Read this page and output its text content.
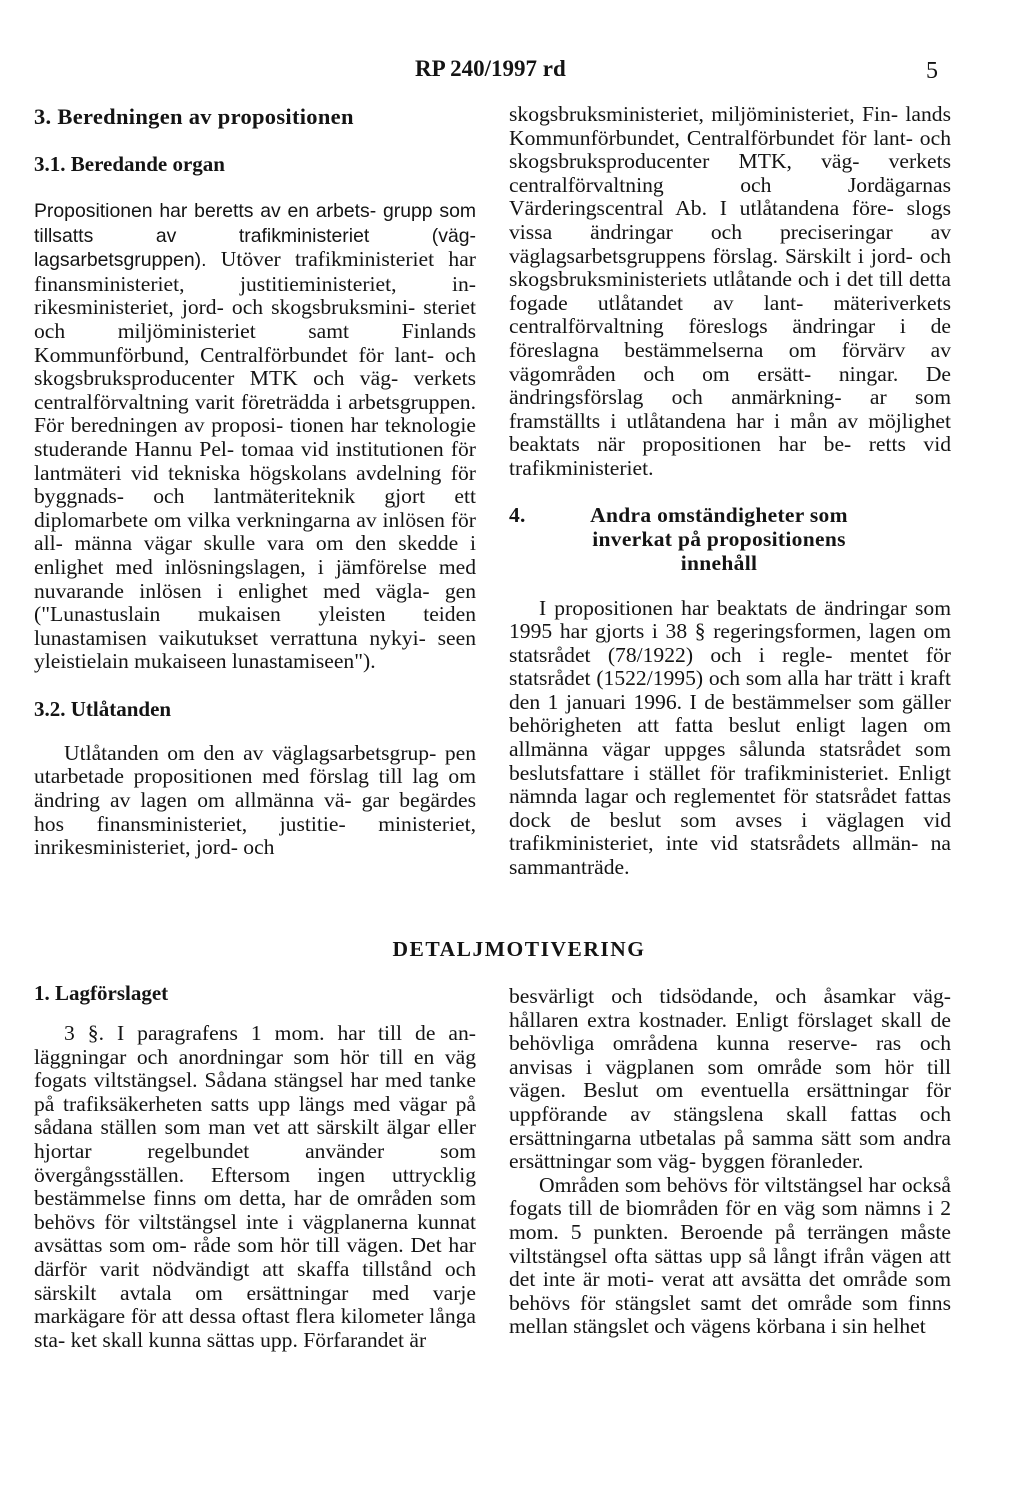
RP 240/1997 rd	5
3. Beredningen av propositionen
3.1. Beredande organ

Propositionen har beretts av en arbets- grupp som tillsatts av trafikministeriet (väg- lagsarbetsgruppen). Utöver trafikministeriet har finansministeriet, justitieministeriet, in- rikesministeriet, jord- och skogsbruksmini- steriet och miljöministeriet samt Finlands Kommunförbund, Centralförbundet för lant- och skogsbruksproducenter MTK och väg- verkets centralförvaltning varit företrädda i arbetsgruppen. För beredningen av proposi- tionen har teknologie studerande Hannu Pel- tomaa vid institutionen för lantmäteri vid tekniska högskolans avdelning för byggnads- och lantmäteriteknik gjort ett diplomarbete om vilka verkningarna av inlösen för all- männa vägar skulle vara om den skedde i enlighet med inlösningslagen, i jämförelse med nuvarande inlösen i enlighet med vägla- gen ("Lunastuslain mukaisen yleisten teiden lunastamisen vaikutukset verrattuna nykyi- seen yleistielain mukaiseen lunastamiseen").

3.2. Utlåtanden

Utlåtanden om den av väglagsarbetsgrup- pen utarbetade propositionen med förslag till lag om ändring av lagen om allmänna vä- gar begärdes hos finansministeriet, justitie- ministeriet, inrikesministeriet, jord- och

skogsbruksministeriet, miljöministeriet, Fin- lands Kommunförbundet, Centralförbundet för lant- och skogsbruksproducenter MTK, väg- verkets centralförvaltning och Jordägarnas Värderingscentral Ab. I utlåtandena före- slogs vissa ändringar och preciseringar av väglagsarbetsgruppens förslag. Särskilt i jord- och skogsbruksministeriets utlåtande och i det till detta fogade utlåtandet av lant- mäteriverkets centralförvaltning föreslogs ändringar i de föreslagna bestämmelserna om förvärv av vägområden och om ersätt- ningar. De ändringsförslag och anmärkning- ar som framställts i utlåtandena har i mån av möjlighet beaktats när propositionen har be- retts vid trafikministeriet.

4.	Andra omständigheter som inverkat på propositionens innehåll

I propositionen har beaktats de ändringar som 1995 har gjorts i 38 § regeringsformen, lagen om statsrådet (78/1922) och i regle- mentet för statsrådet (1522/1995) och som alla har trätt i kraft den 1 januari 1996. I de bestämmelser som gäller behörigheten att fatta beslut enligt lagen om allmänna vägar uppges sålunda statsrådet som beslutsfattare i stället för trafikministeriet. Enligt nämnda lagar och reglementet för statsrådet fattas dock de beslut som avses i väglagen vid trafikministeriet, inte vid statsrådets allmän- na sammanträde.

DETALJMOTIVERING
1. Lagförslaget

3 §. I paragrafens 1 mom. har till de an- läggningar och anordningar som hör till en väg fogats viltstängsel. Sådana stängsel har med tanke på trafiksäkerheten satts upp längs med vägar på sådana ställen som man vet att särskilt älgar eller hjortar regelbundet använder som övergångsställen. Eftersom ingen uttrycklig bestämmelse finns om detta, har de områden som behövs för viltstängsel inte i vägplanerna kunnat avsättas som om- råde som hör till vägen. Det har därför varit nödvändigt att skaffa tillstånd och särskilt avtala om ersättningar med varje markägare för att dessa oftast flera kilometer långa sta- ket skall kunna sättas upp. Förfarandet är

besvärligt och tidsödande, och åsamkar väg- hållaren extra kostnader. Enligt förslaget skall de behövliga områdena kunna reserve- ras och anvisas i vägplanen som område som hör till vägen. Beslut om eventuella ersättningar för uppförande av stängslena skall fattas och ersättningarna utbetalas på samma sätt som andra ersättningar som väg- byggen föranleder.

Områden som behövs för viltstängsel har också fogats till de biområden för en väg som nämns i 2 mom. 5 punkten. Beroende på terrängen måste viltstängsel ofta sättas upp så långt ifrån vägen att det inte är moti- verat att avsätta det område som behövs för stängslet samt det område som finns mellan stängslet och vägens körbana i sin helhet
